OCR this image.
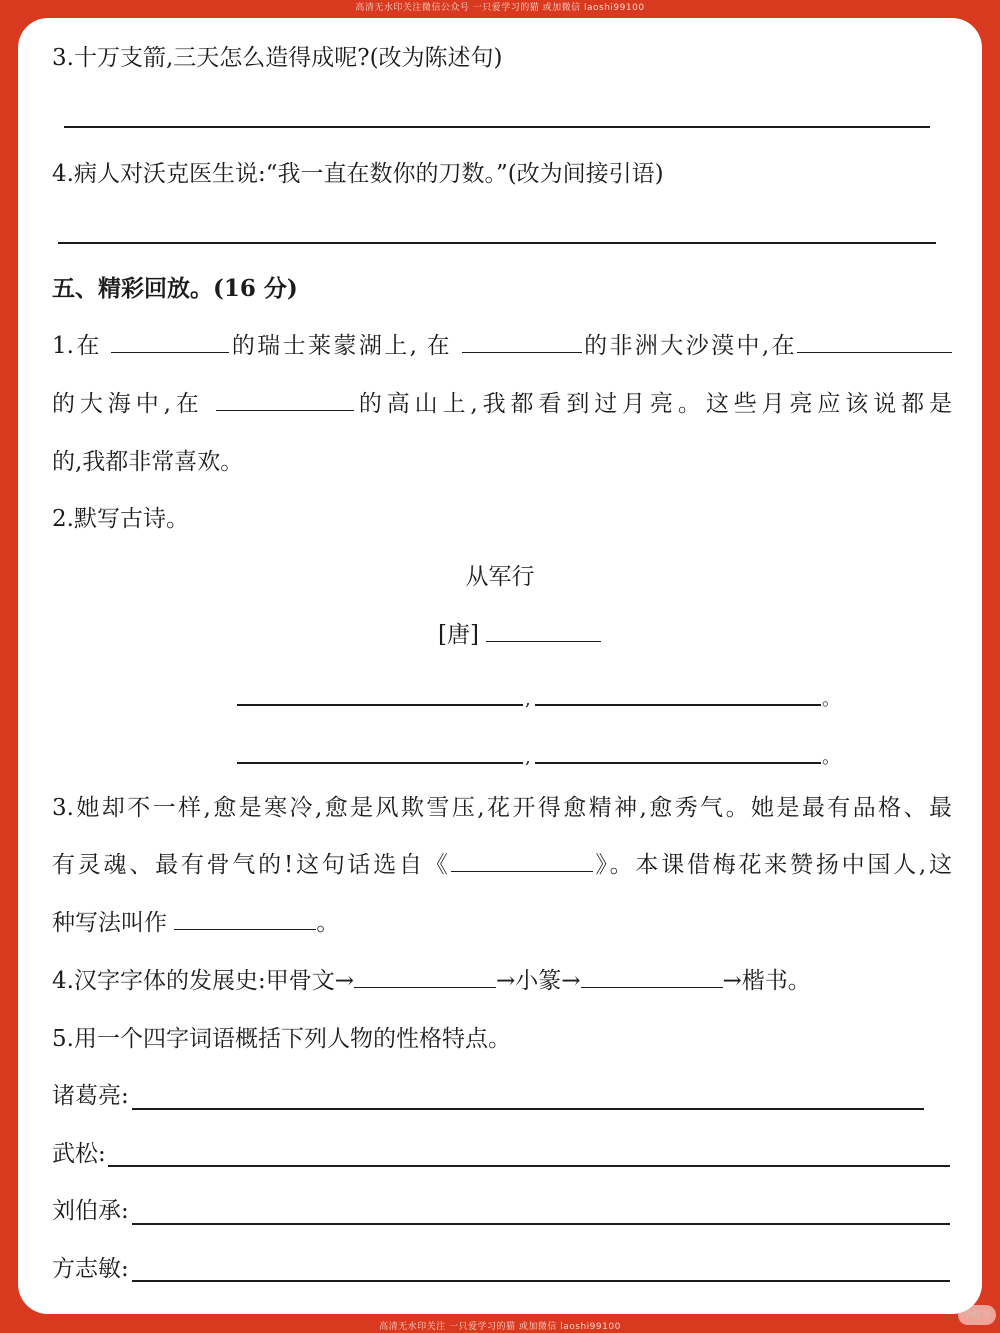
高清无水印关注微信公众号 一只爱学习的猫 或加微信 laoshi99100
3.十万支箭,三天怎么造得成呢?(改为陈述句)
4.病人对沃克医生说:“我一直在数你的刀数。”(改为间接引语)
五、精彩回放。(16 分)
1.在	的瑞士莱蒙湖上, 在	的非洲大沙漠中,在
的大海中,在	的高山上,我都看到过月亮。这些月亮应该说都是
的,我都非常喜欢。
2.默写古诗。
从军行
[唐]
,	。
,	。
3.她却不一样,愈是寒冷,愈是风欺雪压,花开得愈精神,愈秀气。她是最有品格、最
有灵魂、最有骨气的!这句话选自《	》。本课借梅花来赞扬中国人,这
种写法叫作	。
4.汉字字体的发展史:甲骨文→	→小篆→	→楷书。
5.用一个四字词语概括下列人物的性格特点。
诸葛亮:
武松:
刘伯承:
方志敏:
小红书
高清无水印关注 一只爱学习的猫 或加微信 laoshi99100
